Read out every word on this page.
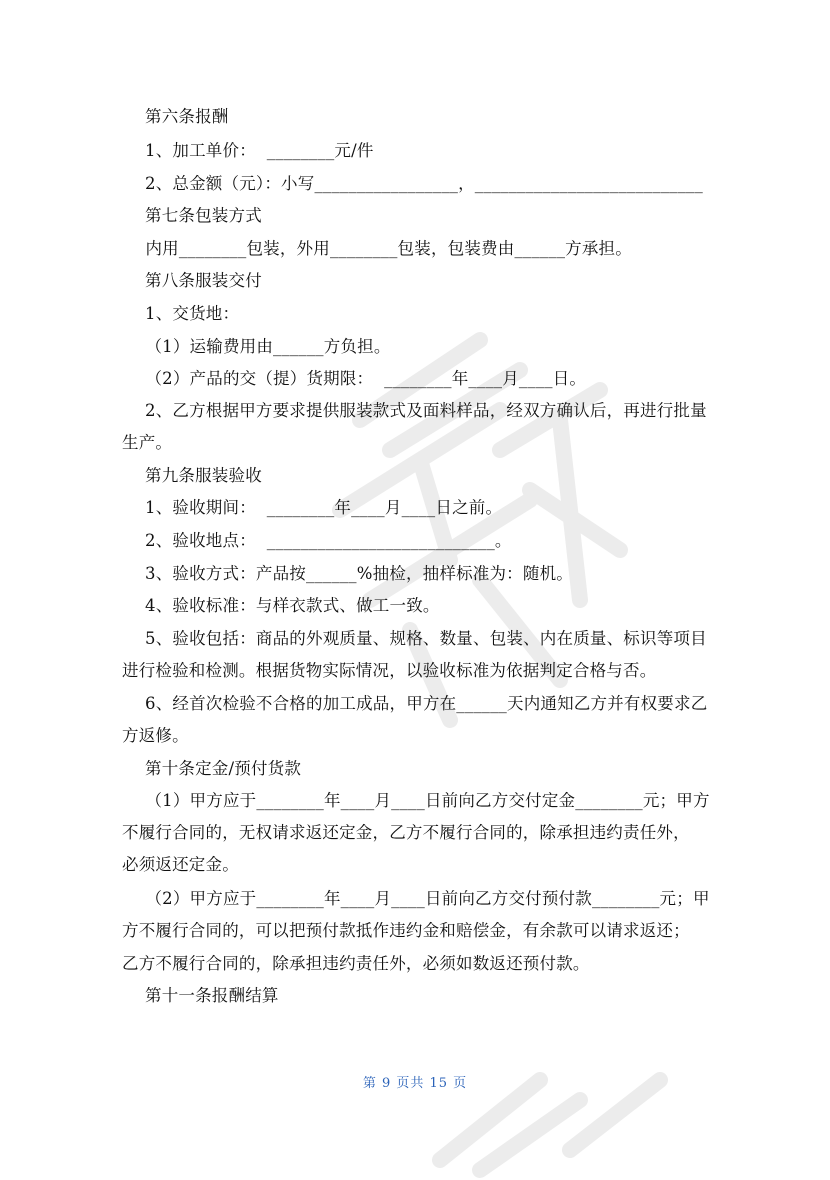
第六条报酬
1、加工单价：  ________元/件
2、总金额（元）：小写_________________，___________________________
第七条包装方式
内用________包装，外用________包装，包装费由______方承担。
第八条服装交付
1、交货地：
（1）运输费用由______方负担。
（2）产品的交（提）货期限：  ________年____月____日。
2、乙方根据甲方要求提供服装款式及面料样品，经双方确认后，再进行批量
生产。
第九条服装验收
1、验收期间：  ________年____月____日之前。
2、验收地点：  ___________________________。
3、验收方式：产品按______%抽检，抽样标准为：随机。
4、验收标准：与样衣款式、做工一致。
5、验收包括：商品的外观质量、规格、数量、包装、内在质量、标识等项目
进行检验和检测。根据货物实际情况，以验收标准为依据判定合格与否。
6、经首次检验不合格的加工成品，甲方在______天内通知乙方并有权要求乙
方返修。
第十条定金/预付货款
（1）甲方应于________年____月____日前向乙方交付定金________元；甲方
不履行合同的，无权请求返还定金，乙方不履行合同的，除承担违约责任外，
必须返还定金。
（2）甲方应于________年____月____日前向乙方交付预付款________元；甲
方不履行合同的，可以把预付款抵作违约金和赔偿金，有余款可以请求返还；
乙方不履行合同的，除承担违约责任外，必须如数返还预付款。
第十一条报酬结算
第 9 页共 15 页
